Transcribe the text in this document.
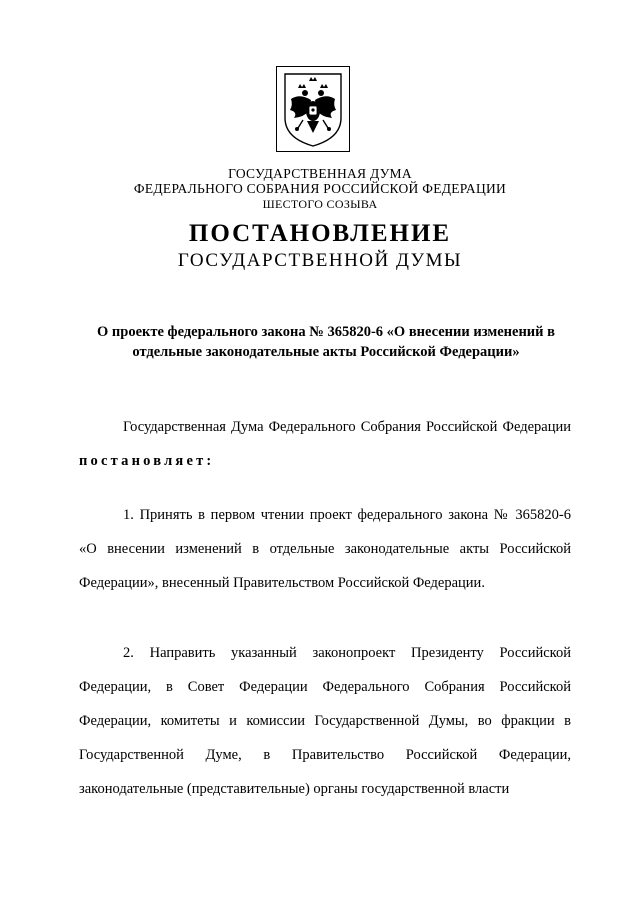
ГОСУДАРСТВЕННАЯ ДУМА
ФЕДЕРАЛЬНОГО СОБРАНИЯ РОССИЙСКОЙ ФЕДЕРАЦИИ
ШЕСТОГО СОЗЫВА
ПОСТАНОВЛЕНИЕ
ГОСУДАРСТВЕННОЙ ДУМЫ
О проекте федерального закона № 365820-6 «О внесении изменений в отдельные законодательные акты Российской Федерации»
Государственная Дума Федерального Собрания Российской Федерации постановляет:
1. Принять в первом чтении проект федерального закона № 365820-6 «О внесении изменений в отдельные законодательные акты Российской Федерации», внесенный Правительством Российской Федерации.
2. Направить указанный законопроект Президенту Российской Федерации, в Совет Федерации Федерального Собрания Российской Федерации, комитеты и комиссии Государственной Думы, во фракции в Государственной Думе, в Правительство Российской Федерации, законодательные (представительные) органы государственной власти
